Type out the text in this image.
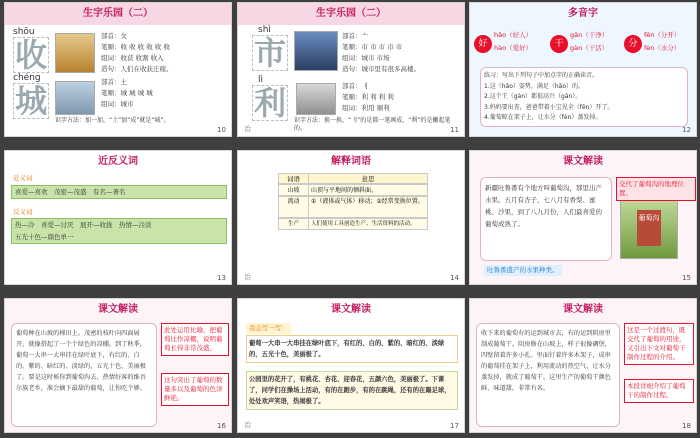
生字乐园（二）
shōu
收
chéng
城
部首：攵
笔顺：收 收 收 收 收 收
组词：收获 收割 收入
造句：人们在收获庄稼。
部首：土
笔顺：城 城 城 城
组词：城市
识字方法：加一加，“土”加“成”就是“城”。
10
生字乐园（二）
shì
市
lì
利
部首：亠
笔顺：市 市 市 市 市
组词：城市 市场
造句：城市里有很多高楼。
部首：刂
笔顺：利 利 利 利
组词：利用 顺利
识字方法：换一换，“刂”的是都一笔画成，“利”的是撇起笔的。
治	11
多音字
好
hǎo（好人）
hào（爱好）	干
gān（干净）
gàn（干活）	分
fēn（分开）
fèn（水分）
练习：写出下列句子中加点字的正确读音。
1.这（hǎo）姿势，满足（hǎo）的。
2.这个王（gàn）都很高兴（gān）。
3.妈妈要出差，爸爸带着小宝见全（fēn）开了。
4.葡萄晾在架子上，让水分（fèn）蒸发掉。
12
近反义词
近义词
喜爱—喜欢　茂密—茂盛　有名—著名
反义词
热—冷　喜爱—讨厌　展开—收拢　热情—冷淡
五光十色—颜色单一
13
解释词语
词语	意思
山坡	山顶与平地间的倾斜面。
流动	①（液体或气体）移动；②经常变换位置。
生产	人们使用工具创造生产、生活资料的活动。
治	14
课文解读
新疆吐鲁番有个地方叫葡萄沟，那里出产水果。五月有杏子，七八月有香梨、蜜桃、沙果，到了八九月份，人们最喜爱的葡萄成熟了。
葡萄沟
交代了葡萄沟的地理位置。
吐鲁番盛产的水果种类。
15
课文解读
葡萄种在山坡的梯田上。茂密的枝叶向四面展开，就像搭起了一个个绿色的凉棚。到了秋季，葡萄一大串一大串挂在绿叶底下，有红的、白的、紫的、暗红的、淡绿的，五光十色，美丽极了。要是这时候你到葡萄沟去，热情好客的维吾尔族老乡，准会摘下最甜的葡萄，让你吃个够。
此处运用比喻，把葡萄比作凉棚，说明葡萄长得非常茂盛。
这句突出了葡萄的数量多以及葡萄的色泽鲜艳。
16
课文解读
我会写一写：
葡萄一大串一大串挂在绿叶底下，有红的、白的、紫的、暗红的、淡绿的，五光十色，美丽极了。
公园里的花开了，有桃花、杏花、迎春花，五颜六色，美丽极了。下课了，同学们在操场上活动，有的在跑步，有的在跳绳，还有的在踢足球，处处欢声笑语，热闹极了。
治	17
课文解读
收下来的葡萄有的运到城市去，有的运到阴房里制成葡萄干。阴房修在山坡上，样子很像碉堡，四壁留着许多小孔。里面钉着许多木架子，成串的葡萄挂在架子上，利用流动的热空气，让水分蒸发掉，就成了葡萄干。这里生产的葡萄干颜色鲜，味道甜，非常有名。
这是一个过渡句，既交代了葡萄的用途，又引出下文对葡萄干制作过程的介绍。
本段详细介绍了葡萄干的制作过程。
18
